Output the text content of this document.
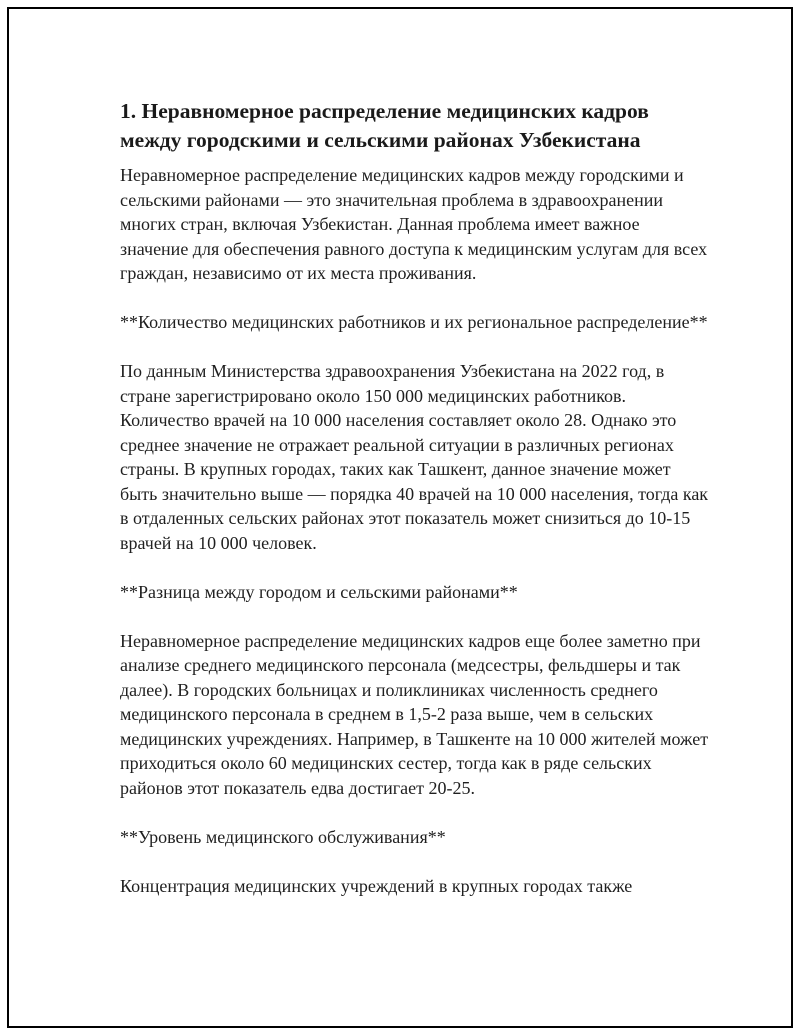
1. Неравномерное распределение медицинских кадров между городскими и сельскими районах Узбекистана

Неравномерное распределение медицинских кадров между городскими и сельскими районами — это значительная проблема в здравоохранении многих стран, включая Узбекистан. Данная проблема имеет важное значение для обеспечения равного доступа к медицинским услугам для всех граждан, независимо от их места проживания.

**Количество медицинских работников и их региональное распределение**

По данным Министерства здравоохранения Узбекистана на 2022 год, в стране зарегистрировано около 150 000 медицинских работников. Количество врачей на 10 000 населения составляет около 28. Однако это среднее значение не отражает реальной ситуации в различных регионах страны. В крупных городах, таких как Ташкент, данное значение может быть значительно выше — порядка 40 врачей на 10 000 населения, тогда как в отдаленных сельских районах этот показатель может снизиться до 10-15 врачей на 10 000 человек.

**Разница между городом и сельскими районами**

Неравномерное распределение медицинских кадров еще более заметно при анализе среднего медицинского персонала (медсестры, фельдшеры и так далее). В городских больницах и поликлиниках численность среднего медицинского персонала в среднем в 1,5-2 раза выше, чем в сельских медицинских учреждениях. Например, в Ташкенте на 10 000 жителей может приходиться около 60 медицинских сестер, тогда как в ряде сельских районов этот показатель едва достигает 20-25.

**Уровень медицинского обслуживания**

Концентрация медицинских учреждений в крупных городах также
